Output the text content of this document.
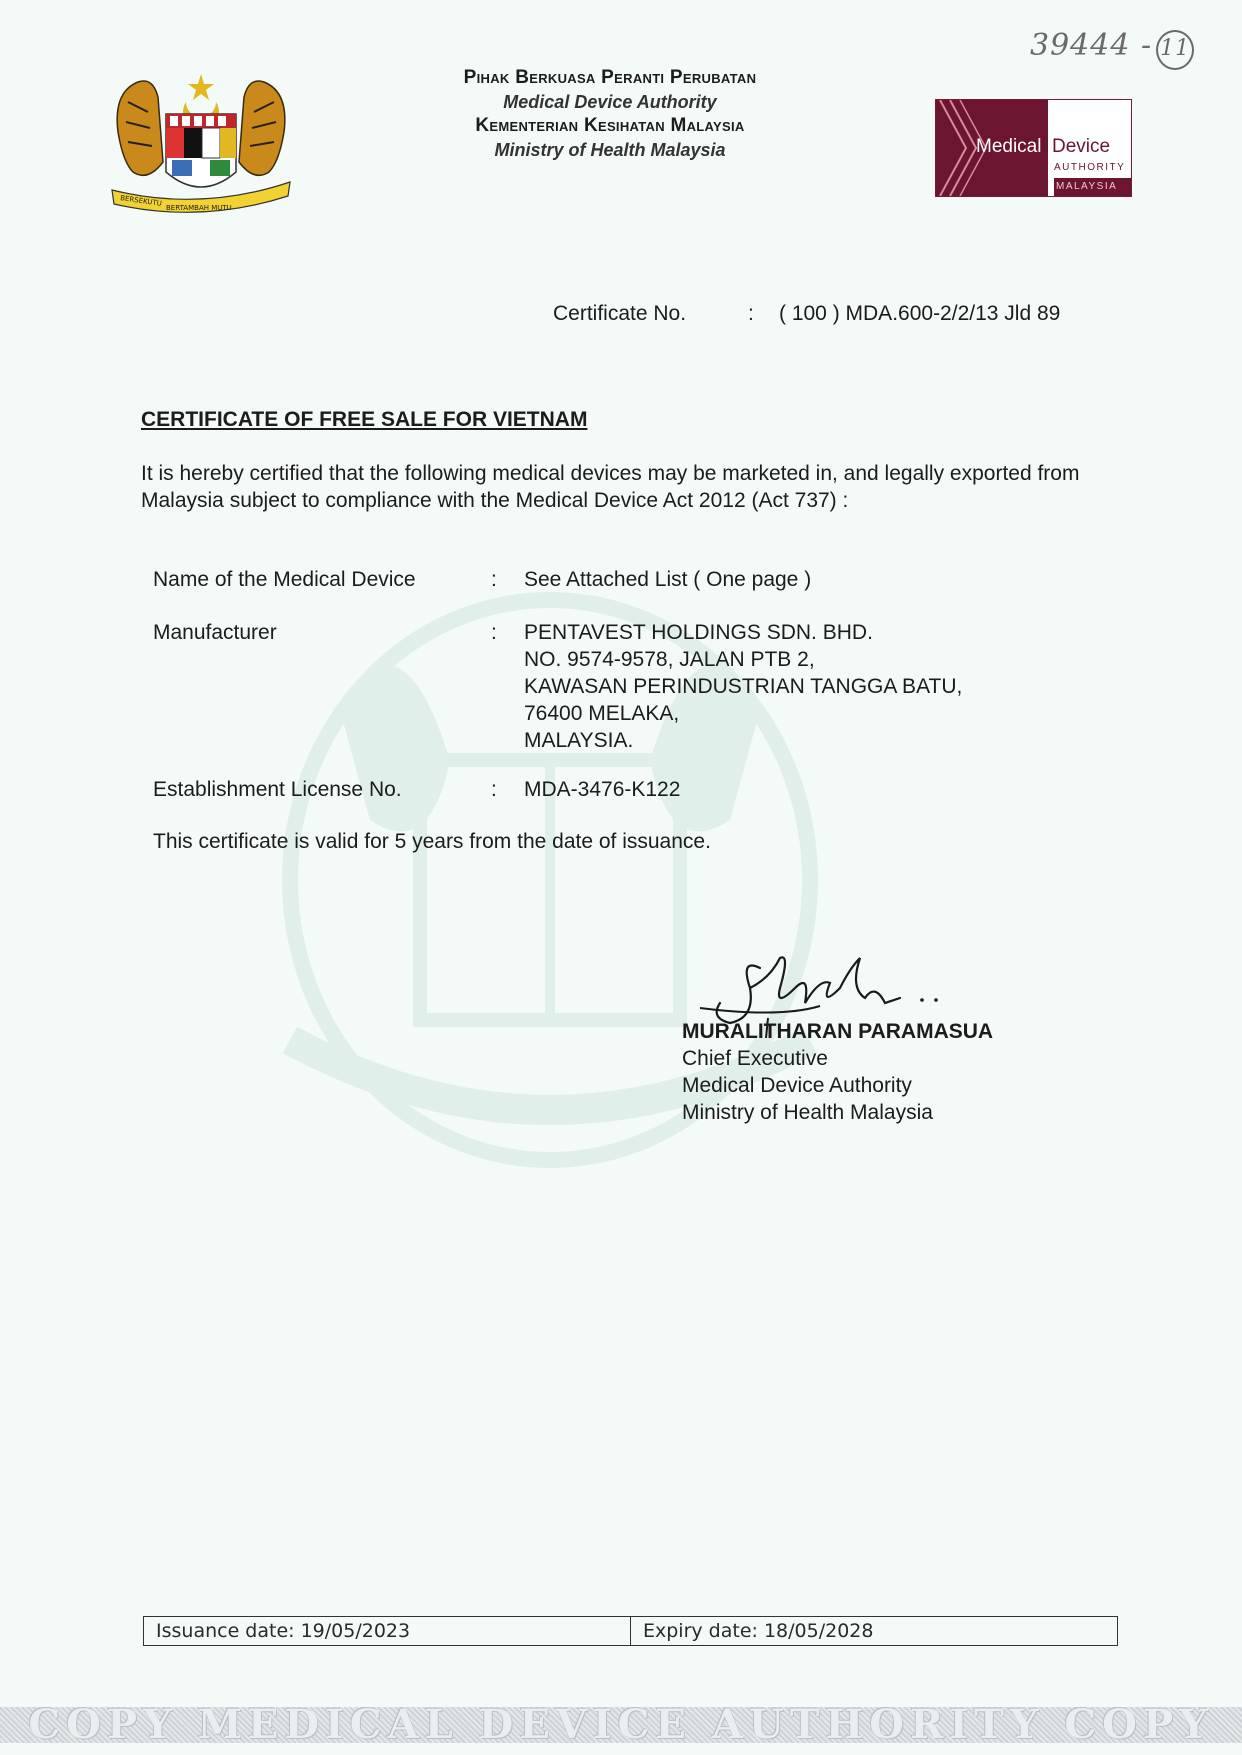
39444 - 11
BERSEKUTU
BERTAMBAH MUTU
Pihak Berkuasa Peranti Perubatan
Medical Device Authority
Kementerian Kesihatan Malaysia
Ministry of Health Malaysia	Medical Device
AUTHORITY
MALAYSIA
Certificate No.	: ( 100 ) MDA.600-2/2/13 Jld 89
CERTIFICATE OF FREE SALE FOR VIETNAM
It is hereby certified that the following medical devices may be marketed in, and legally exported from Malaysia subject to compliance with the Medical Device Act 2012 (Act 737) :
Name of the Medical Device	: See Attached List ( One page )
Manufacturer	: PENTAVEST HOLDINGS SDN. BHD.
NO. 9574-9578, JALAN PTB 2,
KAWASAN PERINDUSTRIAN TANGGA BATU,
76400 MELAKA,
MALAYSIA.
Establishment License No.	: MDA-3476-K122
This certificate is valid for 5 years from the date of issuance.
MURALITHARAN PARAMASUA
Chief Executive
Medical Device Authority
Ministry of Health Malaysia
Issuance date: 19/05/2023	Expiry date: 18/05/2028
COPY MEDICAL DEVICE AUTHORITY COPY
